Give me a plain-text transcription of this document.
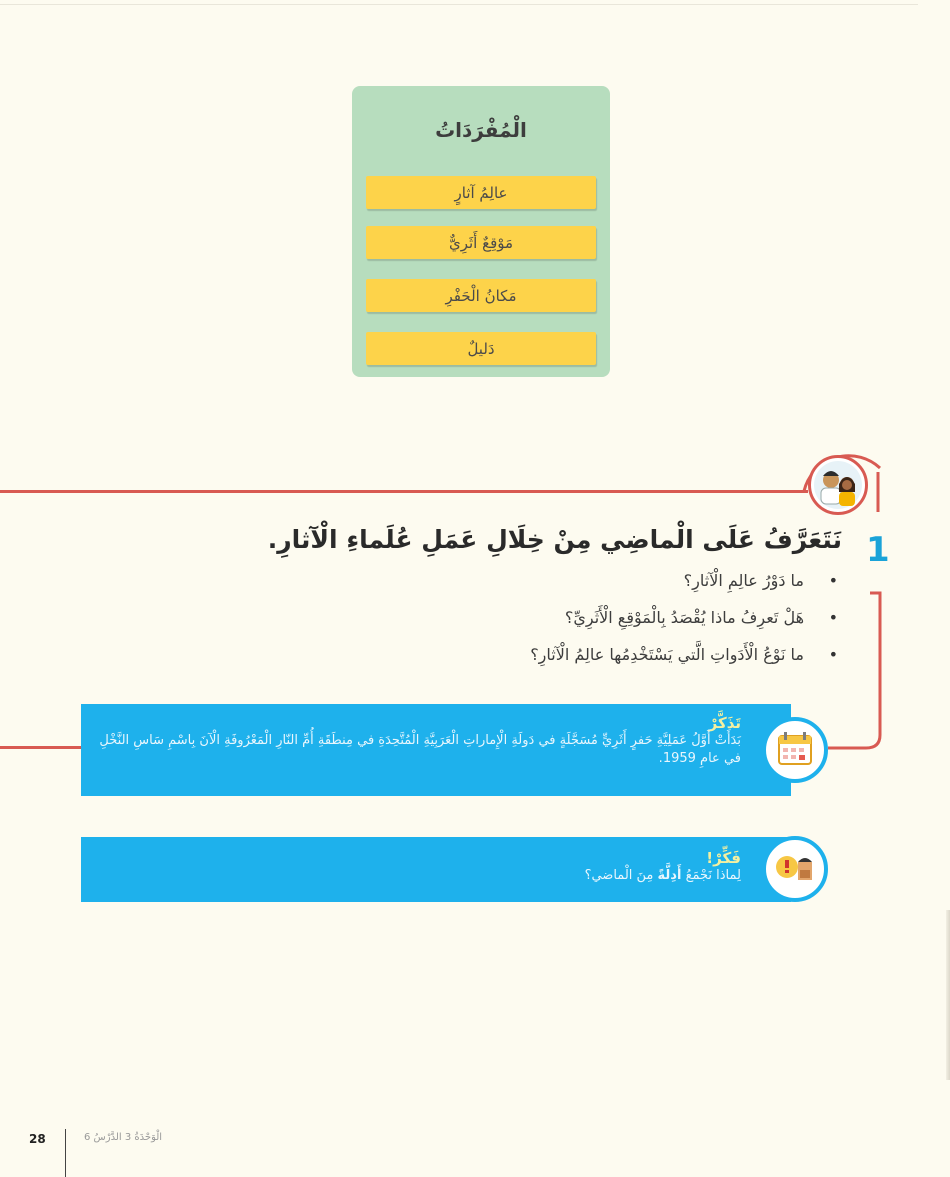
الْمُفْرَدَاتُ
عالِمُ آثارٍ
مَوْقِعٌ أَثَرِيٌّ
مَكانُ الْحَفْرِ
دَليلٌ
1
نَتَعَرَّفُ عَلَى الْماضِي مِنْ خِلَالِ عَمَلِ عُلَماءِ الْآثارِ.
• ما دَوْرُ عالِمِ الْآثارِ؟
• هَلْ تَعرِفُ ماذا يُقْصَدُ بِالْمَوْقِعِ الْأَثَرِيِّ؟
• ما نَوْعُ الْأَدَواتِ الَّتي يَسْتَخْدِمُها عالِمُ الْآثارِ؟
تَذَكَّرْ
بَدَأَتْ أَوَّلُ عَمَلِيَّةِ حَفرٍ أَثَرِيٍّ مُسَجَّلَةٍ في دَولَةِ الْإِماراتِ الْعَرَبِيَّةِ الْمُتَّحِدَةِ في مِنطَقَةِ أُمِّ النّارِ الْمَعْرُوفَةِ الْآنَ بِاسْمِ سَاسِ النَّخْلِ في عامِ 1959.
فَكِّرْ!
لِماذا نَجْمَعُ أَدِلَّةً مِنَ الْماضي؟
28	الْوَحْدَةُ 3 الدَّرْسُ 6
